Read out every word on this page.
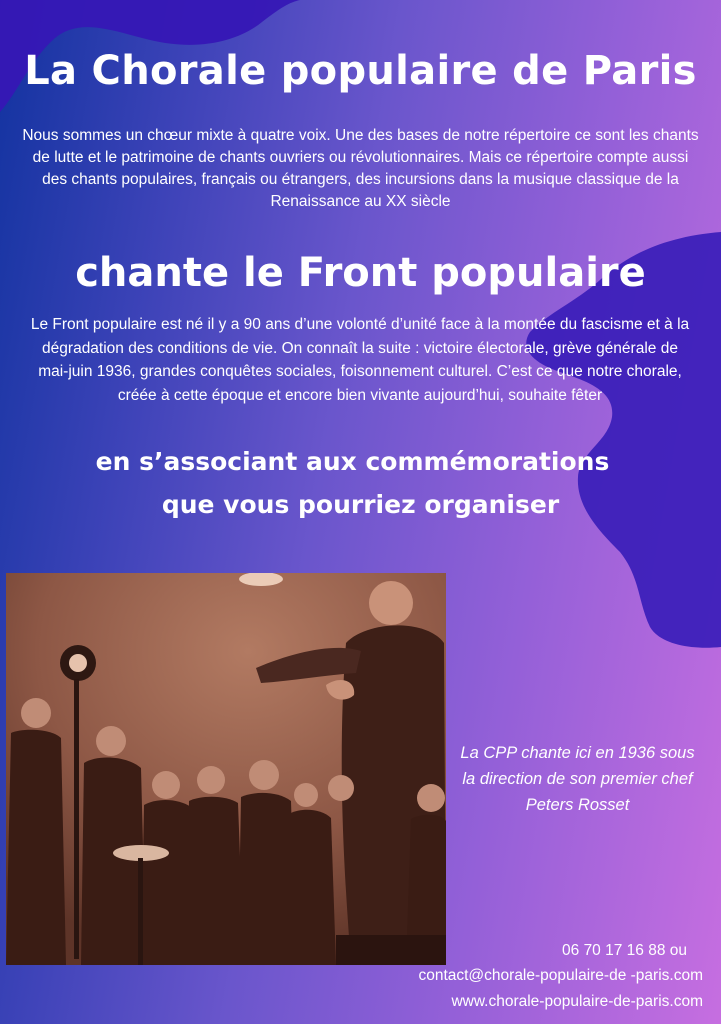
La Chorale populaire de Paris
Nous sommes un chœur mixte à quatre voix. Une des bases de notre répertoire ce sont les chants de lutte et le patrimoine de chants ouvriers ou révolutionnaires. Mais ce répertoire compte aussi des chants populaires, français ou étrangers, des incursions dans la musique classique de la Renaissance au XX siècle
chante le Front populaire
Le Front populaire est né il y a 90 ans d’une volonté d’unité face à la montée du fascisme et à la dégradation des conditions de vie. On connaît la suite : victoire électorale, grève générale de mai-juin 1936, grandes conquêtes sociales, foisonnement culturel. C’est ce que notre chorale, créée à cette époque et encore bien vivante aujourd’hui, souhaite fêter
en s’associant aux commémorations
que vous pourriez organiser
La CPP chante ici en 1936 sous la direction de son premier chef Peters Rosset
06 70 17 16 88 ou
contact@chorale-populaire-de -paris.com
www.chorale-populaire-de-paris.com
